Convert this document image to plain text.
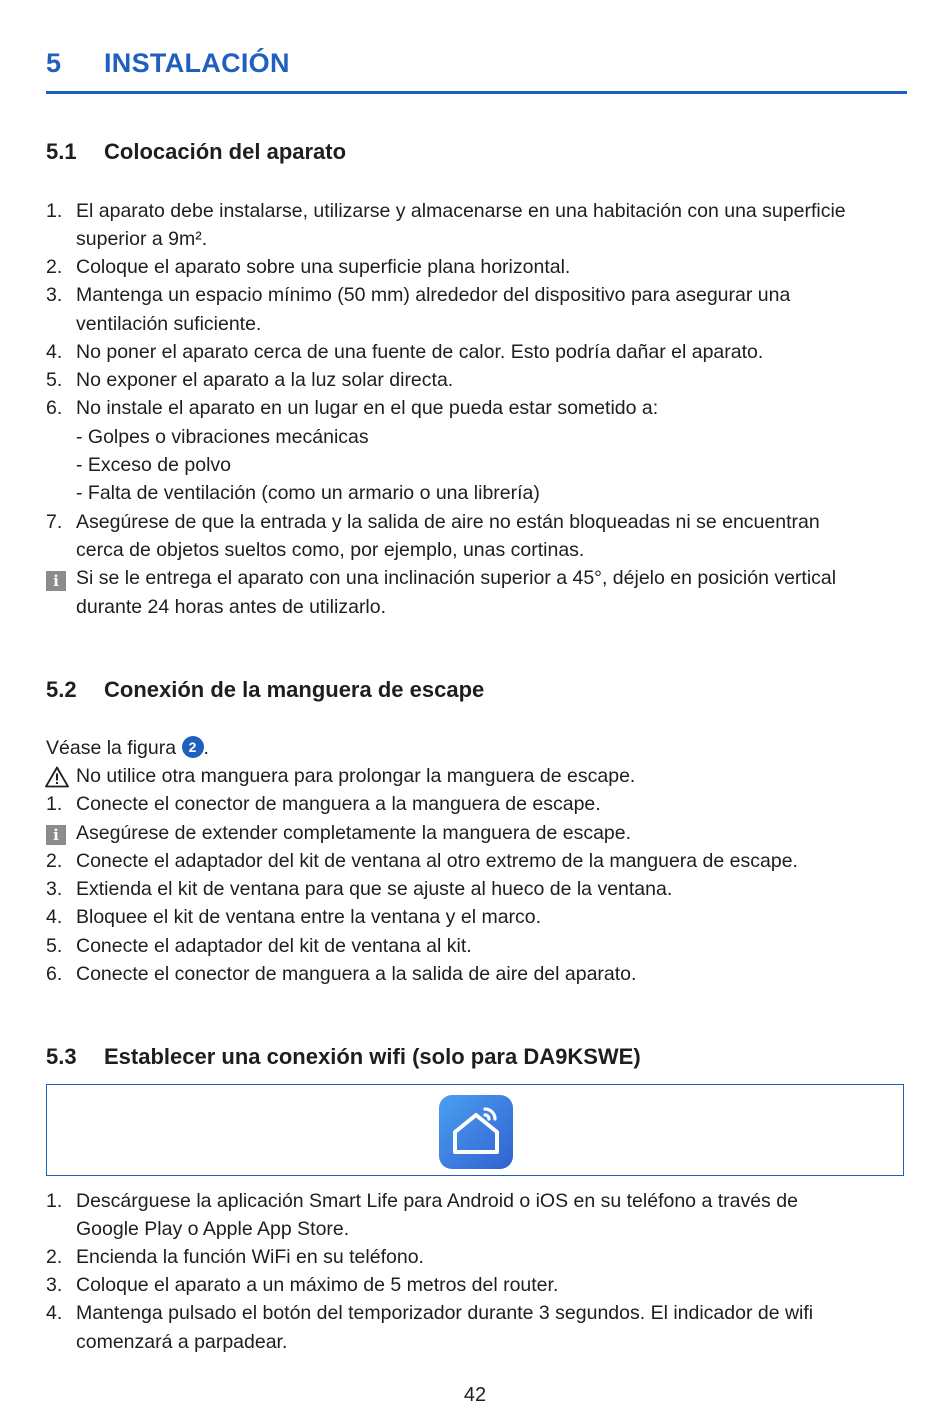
5 INSTALACIÓN
5.1 Colocación del aparato
1. El aparato debe instalarse, utilizarse y almacenarse en una habitación con una superficie
superior a 9m².
2. Coloque el aparato sobre una superficie plana horizontal.
3. Mantenga un espacio mínimo (50 mm) alrededor del dispositivo para asegurar una
ventilación suficiente.
4. No poner el aparato cerca de una fuente de calor. Esto podría dañar el aparato.
5. No exponer el aparato a la luz solar directa.
6. No instale el aparato en un lugar en el que pueda estar sometido a:
- Golpes o vibraciones mecánicas
- Exceso de polvo
- Falta de ventilación (como un armario o una librería)
7. Asegúrese de que la entrada y la salida de aire no están bloqueadas ni se encuentran
cerca de objetos sueltos como, por ejemplo, unas cortinas.
i Si se le entrega el aparato con una inclinación superior a 45°, déjelo en posición vertical
durante 24 horas antes de utilizarlo.
5.2 Conexión de la manguera de escape
Véase la figura 2 .
No utilice otra manguera para prolongar la manguera de escape.
1. Conecte el conector de manguera a la manguera de escape.
i Asegúrese de extender completamente la manguera de escape.
2. Conecte el adaptador del kit de ventana al otro extremo de la manguera de escape.
3. Extienda el kit de ventana para que se ajuste al hueco de la ventana.
4. Bloquee el kit de ventana entre la ventana y el marco.
5. Conecte el adaptador del kit de ventana al kit.
6. Conecte el conector de manguera a la salida de aire del aparato.
5.3 Establecer una conexión wifi (solo para DA9KSWE)
1. Descárguese la aplicación Smart Life para Android o iOS en su teléfono a través de
Google Play o Apple App Store.
2. Encienda la función WiFi en su teléfono.
3. Coloque el aparato a un máximo de 5 metros del router.
4. Mantenga pulsado el botón del temporizador durante 3 segundos. El indicador de wifi
comenzará a parpadear.
42
